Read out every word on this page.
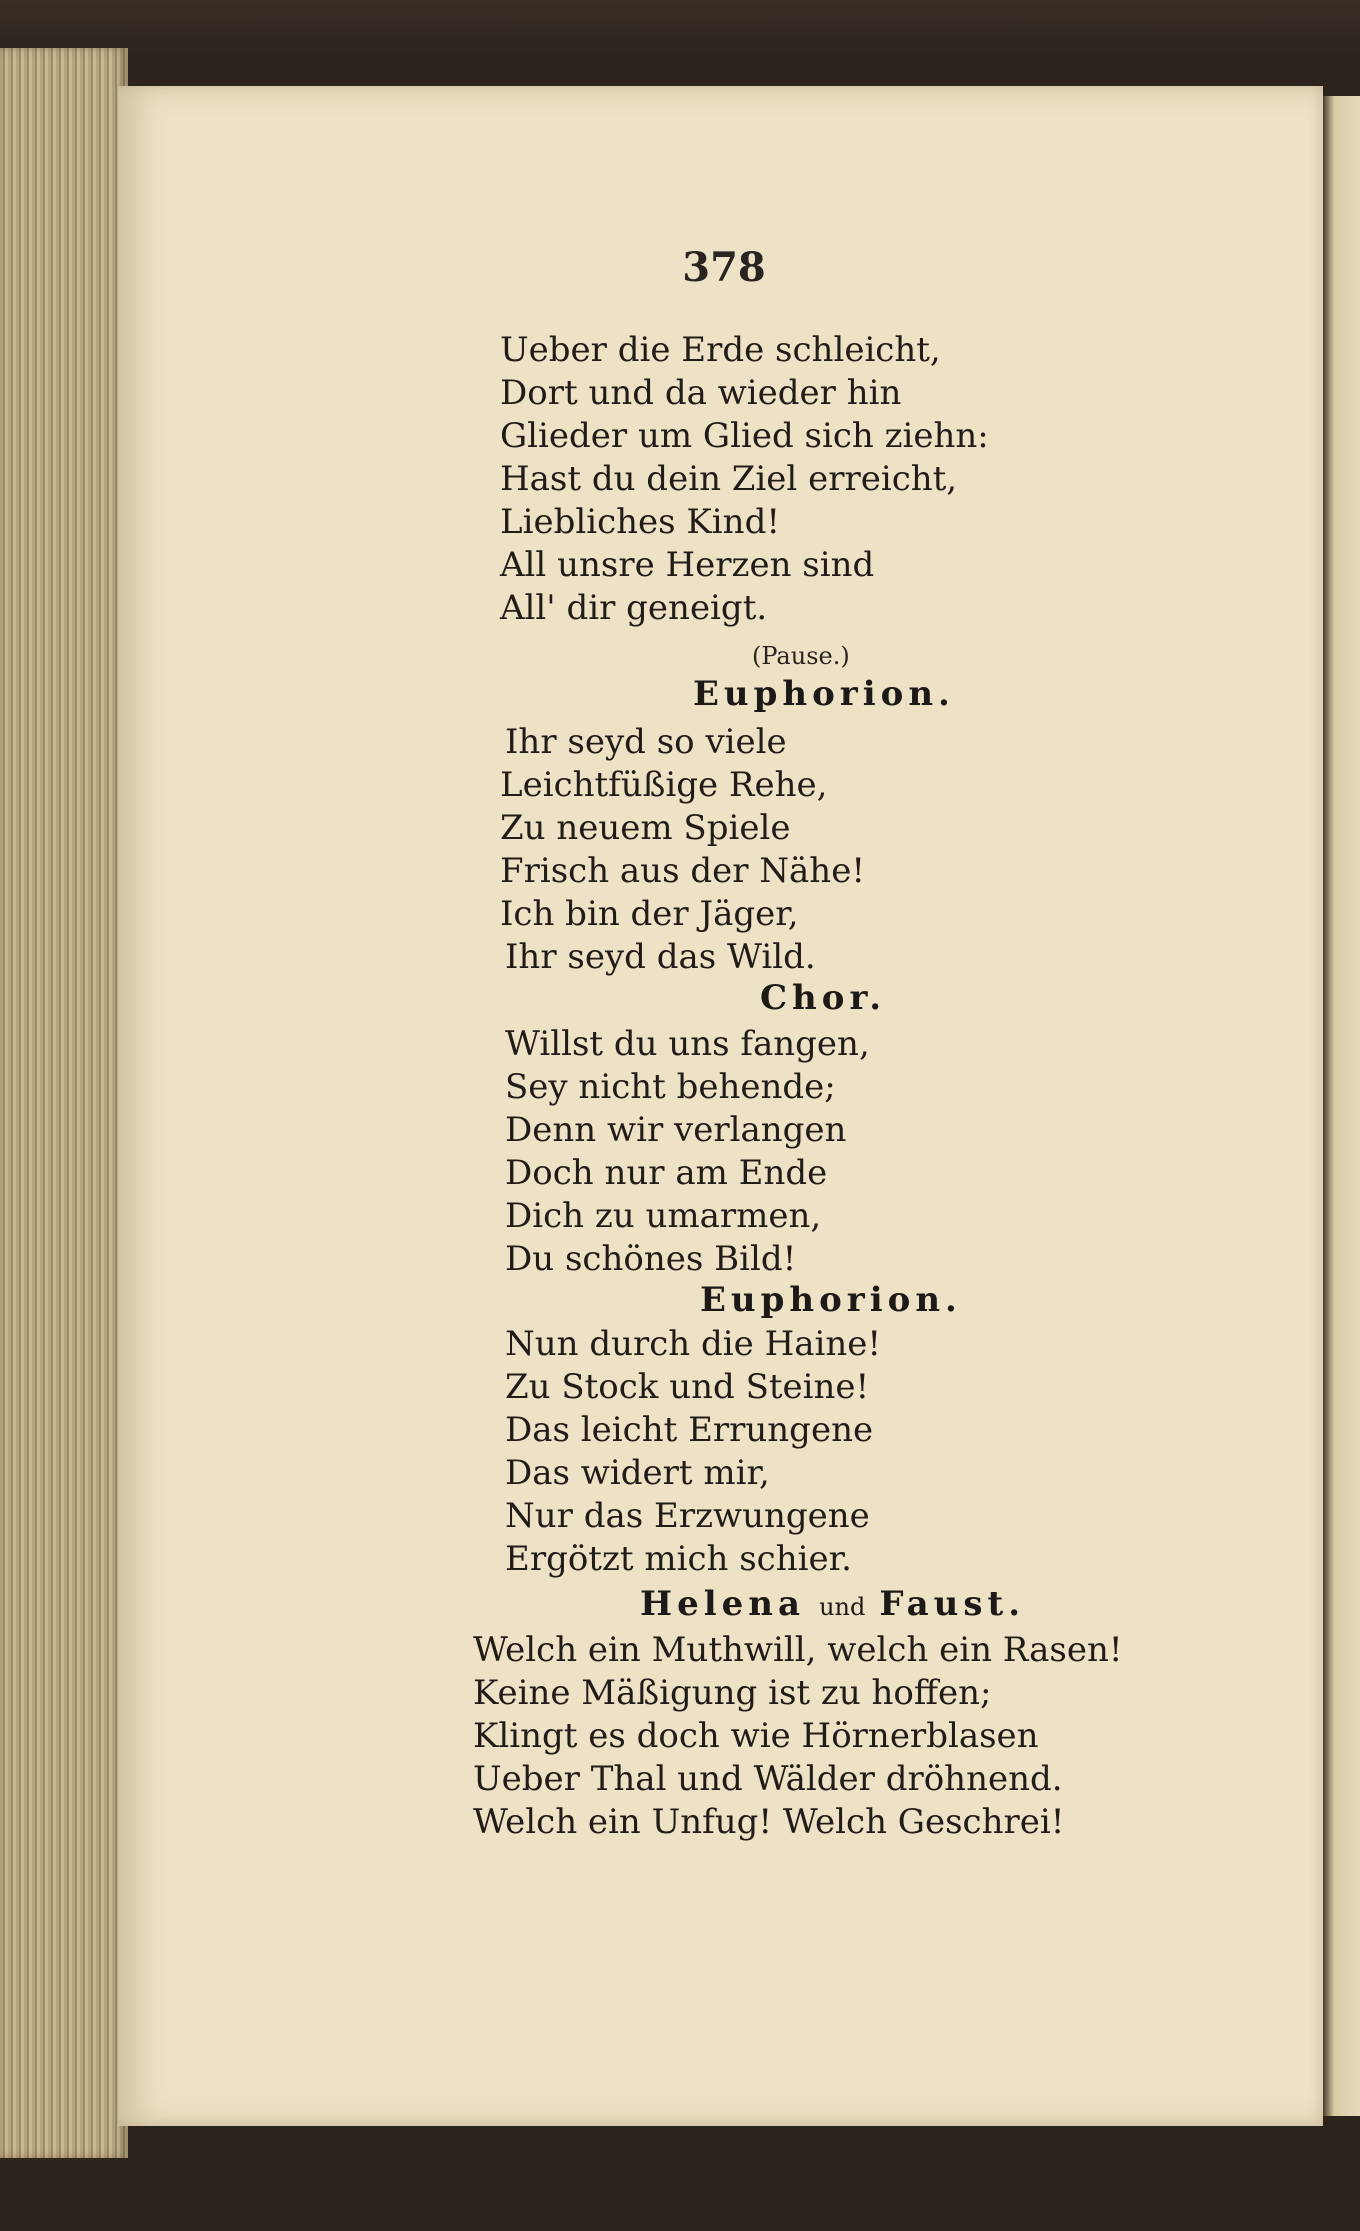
378
Ueber die Erde schleicht,
Dort und da wieder hin
Glieder um Glied sich ziehn:
Hast du dein Ziel erreicht,
Liebliches Kind!
All unsre Herzen sind
All' dir geneigt.
(Pause.)
Euphorion.
Ihr seyd so viele
Leichtfüßige Rehe,
Zu neuem Spiele
Frisch aus der Nähe!
Ich bin der Jäger,
Ihr seyd das Wild.
Chor.
Willst du uns fangen,
Sey nicht behende;
Denn wir verlangen
Doch nur am Ende
Dich zu umarmen,
Du schönes Bild!
Euphorion.
Nun durch die Haine!
Zu Stock und Steine!
Das leicht Errungene
Das widert mir,
Nur das Erzwungene
Ergötzt mich schier.
Helena und Faust.
Welch ein Muthwill, welch ein Rasen!
Keine Mäßigung ist zu hoffen;
Klingt es doch wie Hörnerblasen
Ueber Thal und Wälder dröhnend.
Welch ein Unfug! Welch Geschrei!
